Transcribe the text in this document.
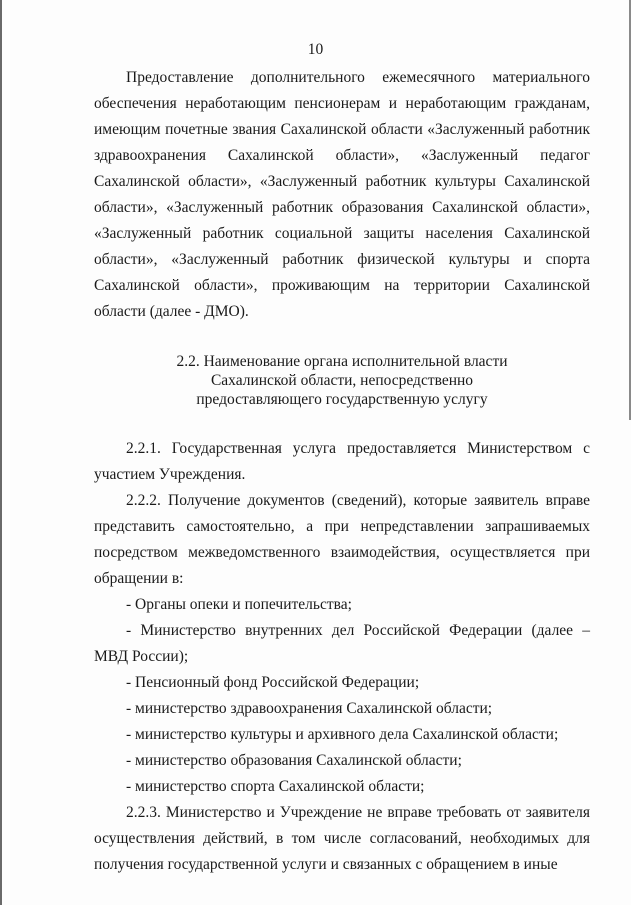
10

Предоставление дополнительного ежемесячного материального обеспечения неработающим пенсионерам и неработающим гражданам, имеющим почетные звания Сахалинской области «Заслуженный работник здравоохранения Сахалинской области», «Заслуженный педагог Сахалинской области», «Заслуженный работник культуры Сахалинской области», «Заслуженный работник образования Сахалинской области», «Заслуженный работник социальной защиты населения Сахалинской области», «Заслуженный работник физической культуры и спорта Сахалинской области», проживающим на территории Сахалинской области (далее - ДМО).

2.2. Наименование органа исполнительной власти
Сахалинской области, непосредственно
предоставляющего государственную услугу

2.2.1. Государственная услуга предоставляется Министерством с участием Учреждения.

2.2.2. Получение документов (сведений), которые заявитель вправе представить самостоятельно, а при непредставлении запрашиваемых посредством межведомственного взаимодействия, осуществляется при обращении в:

- Органы опеки и попечительства;

- Министерство внутренних дел Российской Федерации (далее – МВД России);

- Пенсионный фонд Российской Федерации;

- министерство здравоохранения Сахалинской области;

- министерство культуры и архивного дела Сахалинской области;

- министерство образования Сахалинской области;

- министерство спорта Сахалинской области;

2.2.3. Министерство и Учреждение не вправе требовать от заявителя осуществления действий, в том числе согласований, необходимых для получения государственной услуги и связанных с обращением в иные
